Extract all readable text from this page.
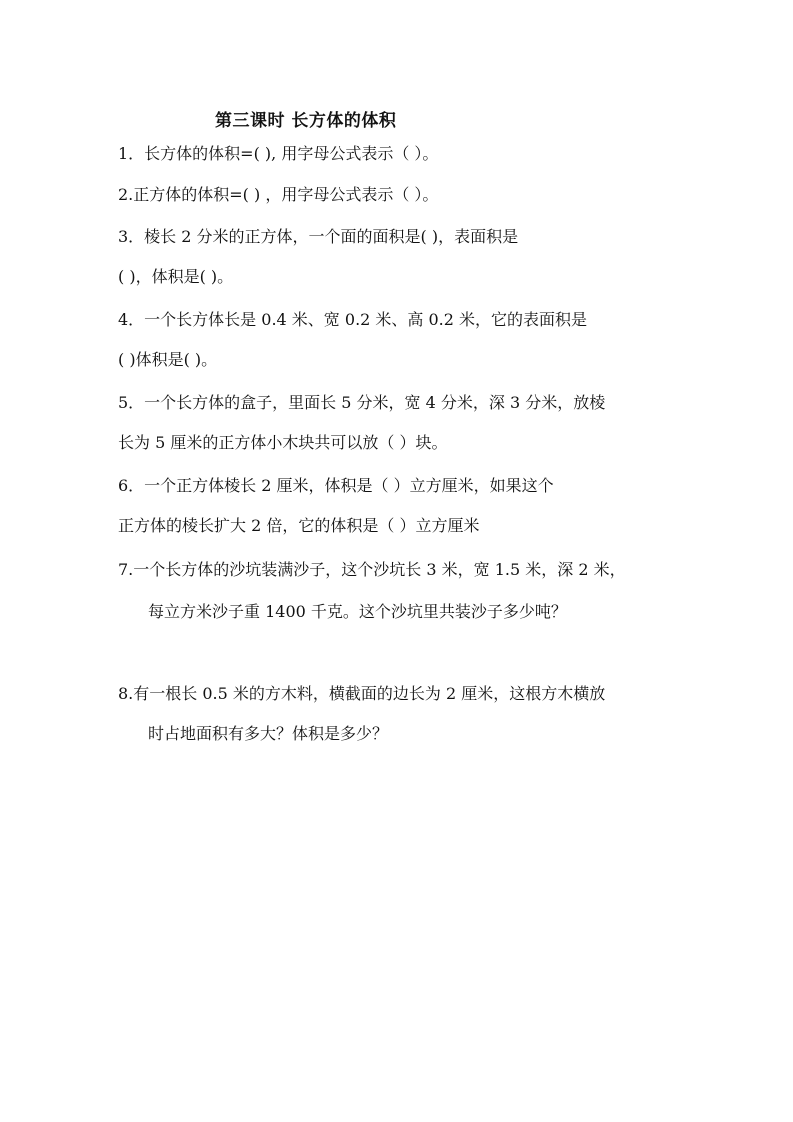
第三课时 长方体的体积
1．长方体的体积=( ), 用字母公式表示（ ）。
2.正方体的体积=( ) ，用字母公式表示（ ）。
3．棱长 2 分米的正方体，一个面的面积是( )，表面积是
( )，体积是( )。
4．一个长方体长是 0.4 米、宽 0.2 米、高 0.2 米，它的表面积是
( )体积是( )。
5．一个长方体的盒子，里面长 5 分米，宽 4 分米，深 3 分米，放棱
长为 5 厘米的正方体小木块共可以放（ ）块。
6．一个正方体棱长 2 厘米，体积是（ ）立方厘米，如果这个
正方体的棱长扩大 2 倍，它的体积是（ ）立方厘米
7.一个长方体的沙坑装满沙子，这个沙坑长 3 米，宽 1.5 米，深 2 米，
每立方米沙子重 1400 千克。这个沙坑里共装沙子多少吨？
8.有一根长 0.5 米的方木料，横截面的边长为 2 厘米，这根方木横放
时占地面积有多大？体积是多少？
